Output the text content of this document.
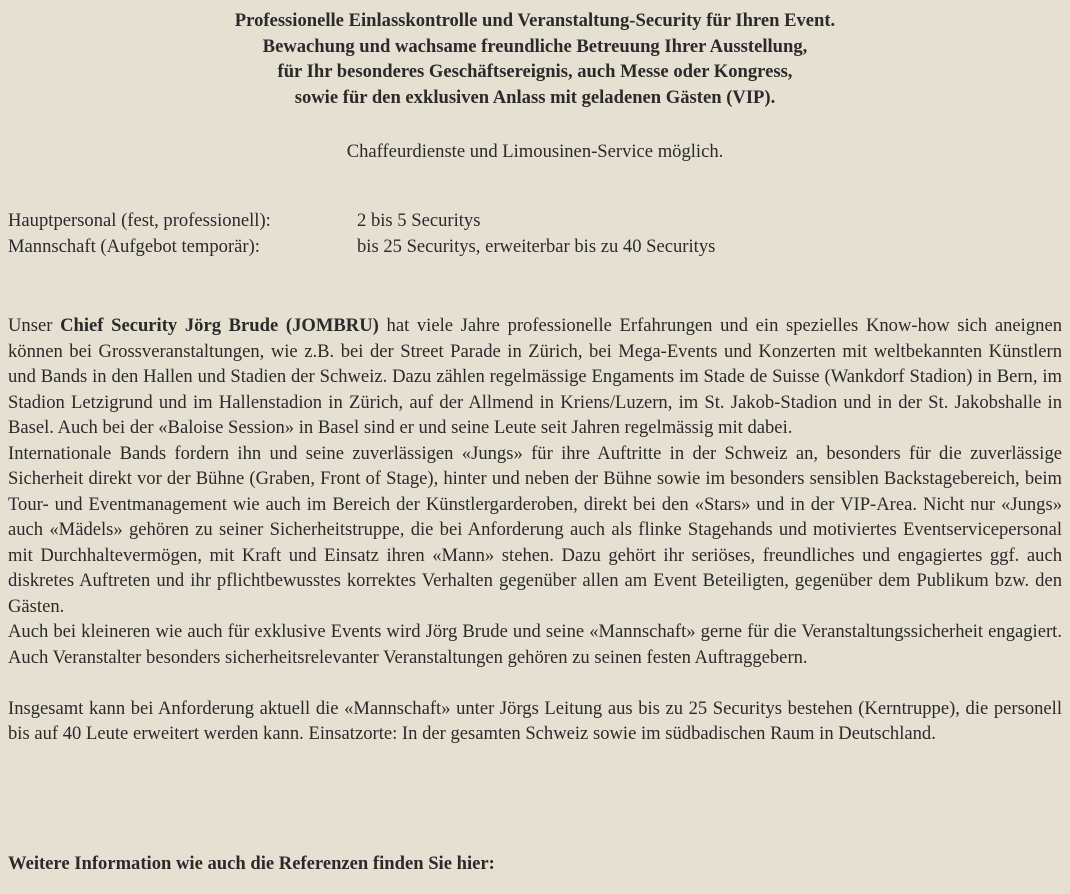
Professionelle Einlasskontrolle und Veranstaltung-Security für Ihren Event.
Bewachung und wachsame freundliche Betreuung Ihrer Ausstellung,
für Ihr besonderes Geschäftsereignis, auch Messe oder Kongress,
sowie für den exklusiven Anlass mit geladenen Gästen (VIP).
Chaffeurdienste und Limousinen-Service möglich.
Hauptpersonal (fest, professionell):	2 bis 5 Securitys
Mannschaft (Aufgebot temporär):	bis 25 Securitys, erweiterbar bis zu 40 Securitys

Unser Chief Security Jörg Brude (JOMBRU) hat viele Jahre professionelle Erfahrungen und ein spezielles Know-how sich aneignen können bei Grossveranstaltungen, wie z.B. bei der Street Parade in Zürich, bei Mega-Events und Konzerten mit weltbekannten Künstlern und Bands in den Hallen und Stadien der Schweiz. Dazu zählen regelmässige Engaments im Stade de Suisse (Wankdorf Stadion) in Bern, im Stadion Letzigrund und im Hallenstadion in Zürich, auf der Allmend in Kriens/Luzern, im St. Jakob-Stadion und in der St. Jakobshalle in Basel. Auch bei der «Baloise Session» in Basel sind er und seine Leute seit Jahren regelmässig mit dabei.

Internationale Bands fordern ihn und seine zuverlässigen «Jungs» für ihre Auftritte in der Schweiz an, besonders für die zuverlässige Sicherheit direkt vor der Bühne (Graben, Front of Stage), hinter und neben der Bühne sowie im besonders sensiblen Backstagebereich, beim Tour- und Eventmanagement wie auch im Bereich der Künstlergarderoben, direkt bei den «Stars» und in der VIP-Area. Nicht nur «Jungs» auch «Mädels» gehören zu seiner Sicherheitstruppe, die bei Anforderung auch als flinke Stagehands und motiviertes Eventservicepersonal mit Durchhaltevermögen, mit Kraft und Einsatz ihren «Mann» stehen. Dazu gehört ihr seriöses, freundliches und engagiertes ggf. auch diskretes Auftreten und ihr pflichtbewusstes korrektes Verhalten gegenüber allen am Event Beteiligten, gegenüber dem Publikum bzw. den Gästen.

Auch bei kleineren wie auch für exklusive Events wird Jörg Brude und seine «Mannschaft» gerne für die Veranstaltungssicherheit engagiert. Auch Veranstalter besonders sicherheitsrelevanter Veranstaltungen gehören zu seinen festen Auftraggebern.

Insgesamt kann bei Anforderung aktuell die «Mannschaft» unter Jörgs Leitung aus bis zu 25 Securitys bestehen (Kerntruppe), die personell bis auf 40 Leute erweitert werden kann. Einsatzorte: In der gesamten Schweiz sowie im südbadischen Raum in Deutschland.

Weitere Information wie auch die Referenzen finden Sie hier:
